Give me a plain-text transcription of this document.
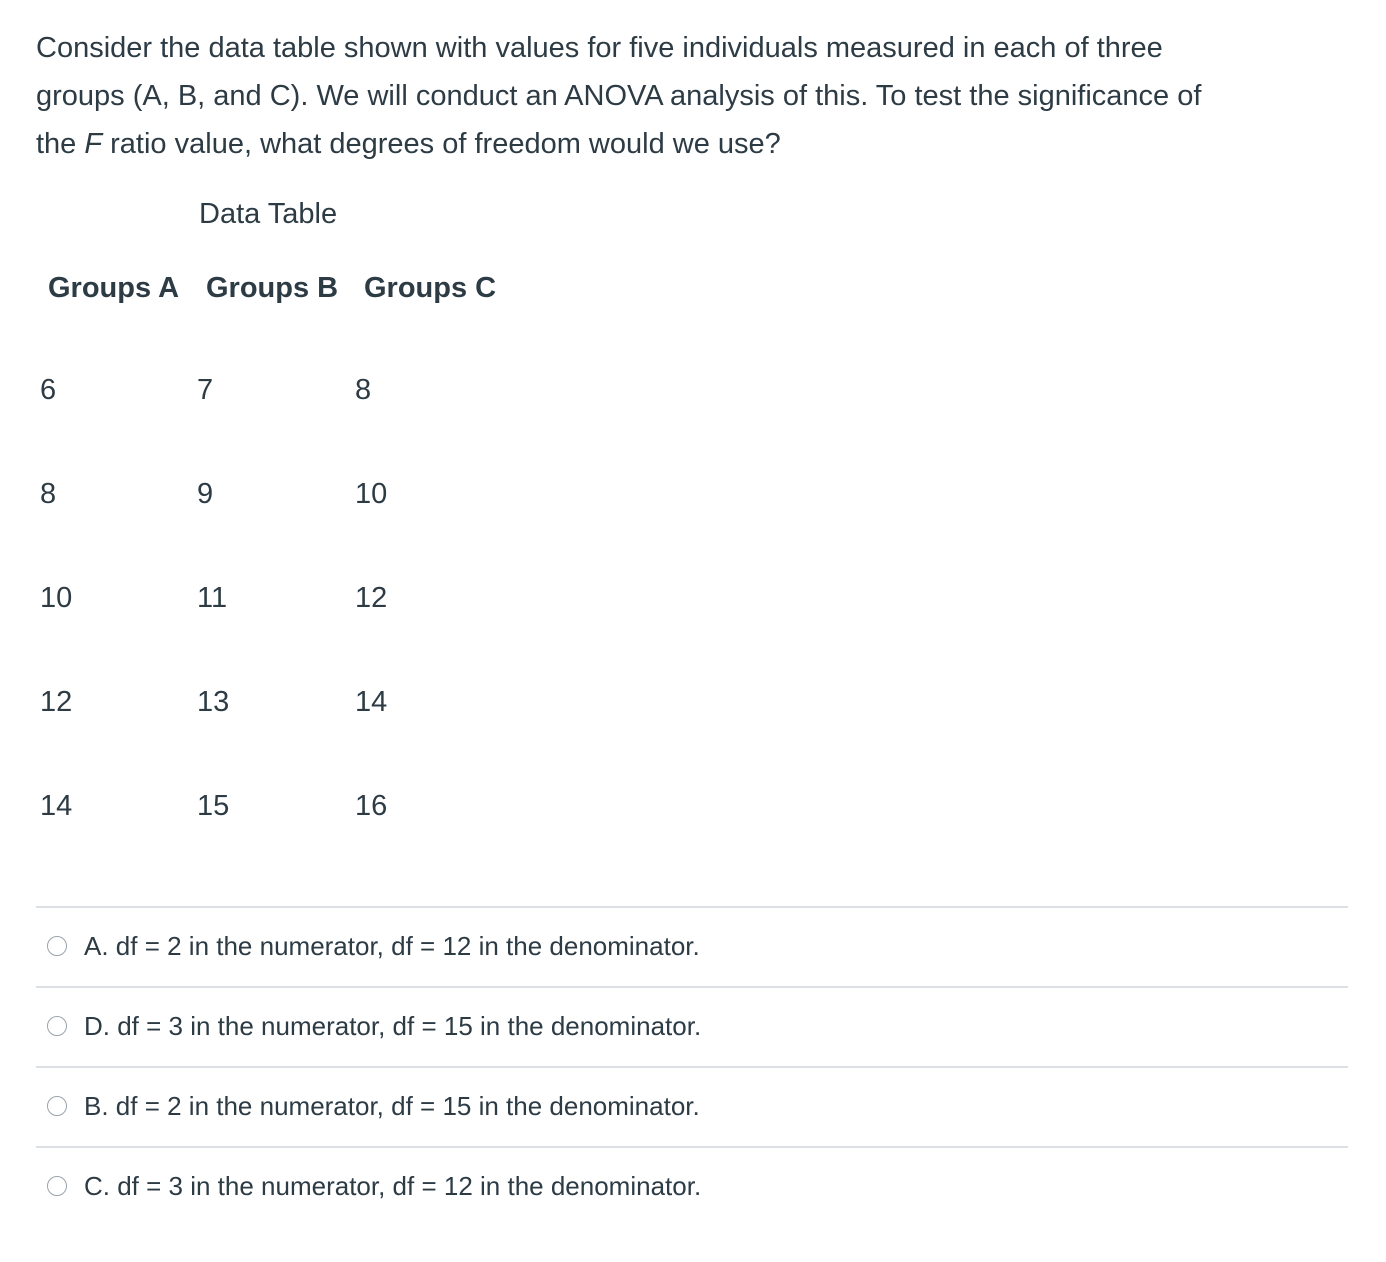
Consider the data table shown with values for five individuals measured in each of three
groups (A, B, and C). We will conduct an ANOVA analysis of this. To test the significance of
the F ratio value, what degrees of freedom would we use?
Data Table
Groups A Groups B Groups C
6	7	8
8	9	10
10	11	12
12	13	14
14	15	16
A. df = 2 in the numerator, df = 12 in the denominator.
D. df = 3 in the numerator, df = 15 in the denominator.
B. df = 2 in the numerator, df = 15 in the denominator.
C. df = 3 in the numerator, df = 12 in the denominator.
